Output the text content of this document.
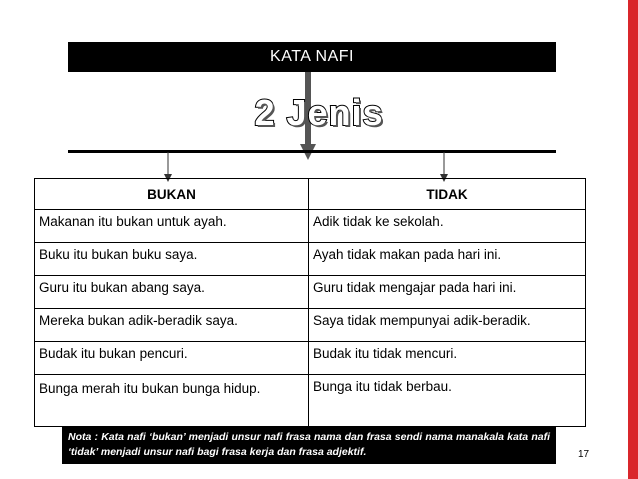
KATA NAFI
2 Jenis
BUKAN	TIDAK
Makanan itu bukan untuk ayah.	Adik tidak ke sekolah.
Buku itu bukan buku saya.	Ayah tidak makan pada hari ini.
Guru itu bukan abang saya.	Guru tidak mengajar pada hari ini.
Mereka bukan adik-beradik saya.	Saya tidak mempunyai adik-beradik.
Budak itu bukan pencuri.	Budak itu tidak mencuri.
Bunga merah itu bukan bunga hidup.	Bunga itu tidak berbau.
Nota : Kata nafi ‘bukan’ menjadi unsur nafi frasa nama dan frasa sendi nama manakala kata nafi ‘tidak’ menjadi unsur nafi bagi frasa kerja dan frasa adjektif.	17
